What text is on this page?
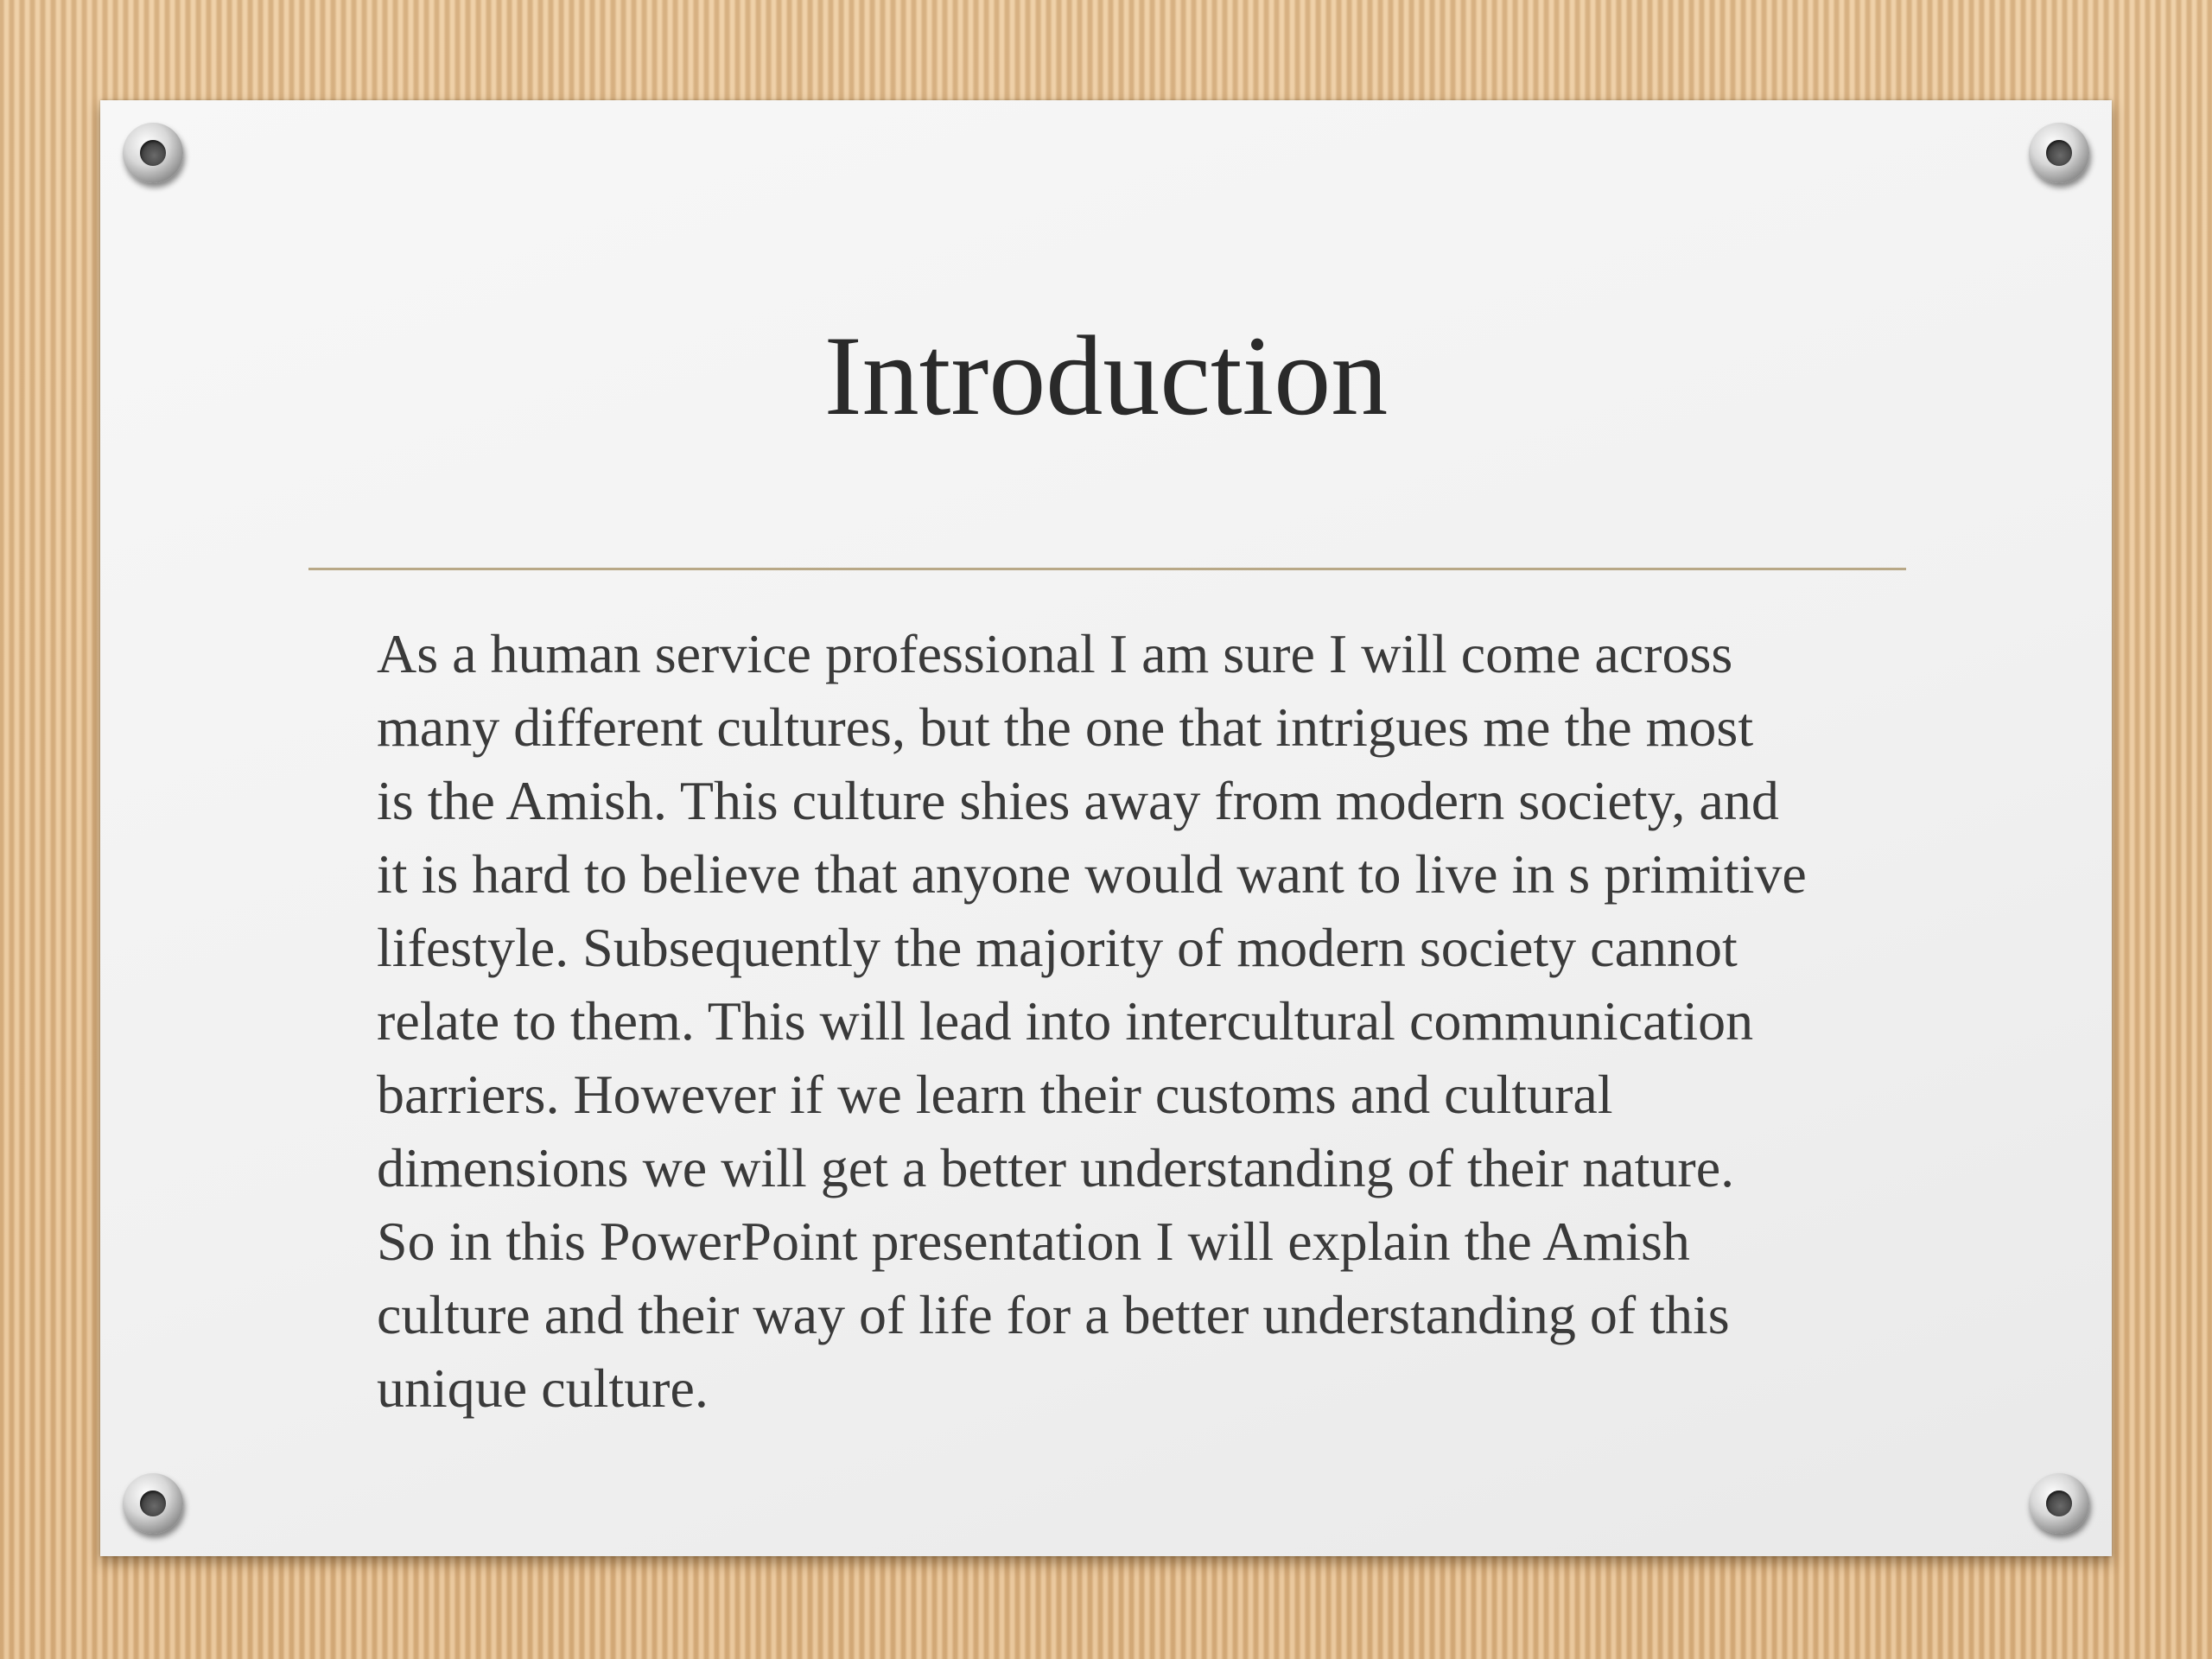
Introduction

As a human service professional I am sure I will come across
many different cultures, but the one that intrigues me the most
is the Amish. This culture shies away from modern society, and
it is hard to believe that anyone would want to live in s primitive
lifestyle. Subsequently the majority of modern society cannot
relate to them. This will lead into intercultural communication
barriers. However if we learn their customs and cultural
dimensions we will get a better understanding of their nature.
So in this PowerPoint presentation I will explain the Amish
culture and their way of life for a better understanding of this
unique culture.
